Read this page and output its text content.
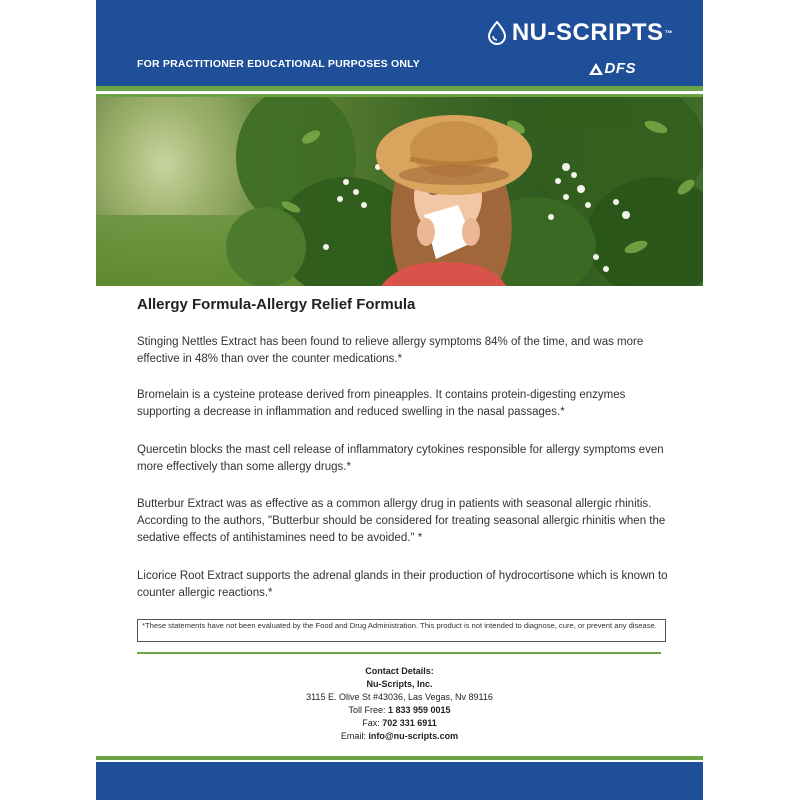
NU-SCRIPTS ™
FOR PRACTITIONER EDUCATIONAL PURPOSES ONLY	DFS
Allergy Formula-Allergy Relief Formula

Stinging Nettles Extract has been found to relieve allergy symptoms 84% of the time, and was more effective in 48% than over the counter medications.*

Bromelain is a cysteine protease derived from pineapples. It contains protein-digesting enzymes supporting a decrease in inflammation and reduced swelling in the nasal passages.*

Quercetin blocks the mast cell release of inflammatory cytokines responsible for allergy symptoms even more effectively than some allergy drugs.*

Butterbur Extract was as effective as a common allergy drug in patients with seasonal allergic rhinitis. According to the authors, "Butterbur should be considered for treating seasonal allergic rhinitis when the sedative effects of antihistamines need to be avoided." *

Licorice Root Extract supports the adrenal glands in their production of hydrocortisone which is known to counter allergic reactions.*

*These statements have not been evaluated by the Food and Drug Administration. This product is not intended to diagnose, cure, or prevent any disease.
Contact Details:
Nu-Scripts, Inc.
3115 E. Olive St #43036, Las Vegas, Nv 89116
Toll Free: 1 833 959 0015
Fax: 702 331 6911
Email: info@nu-scripts.com
